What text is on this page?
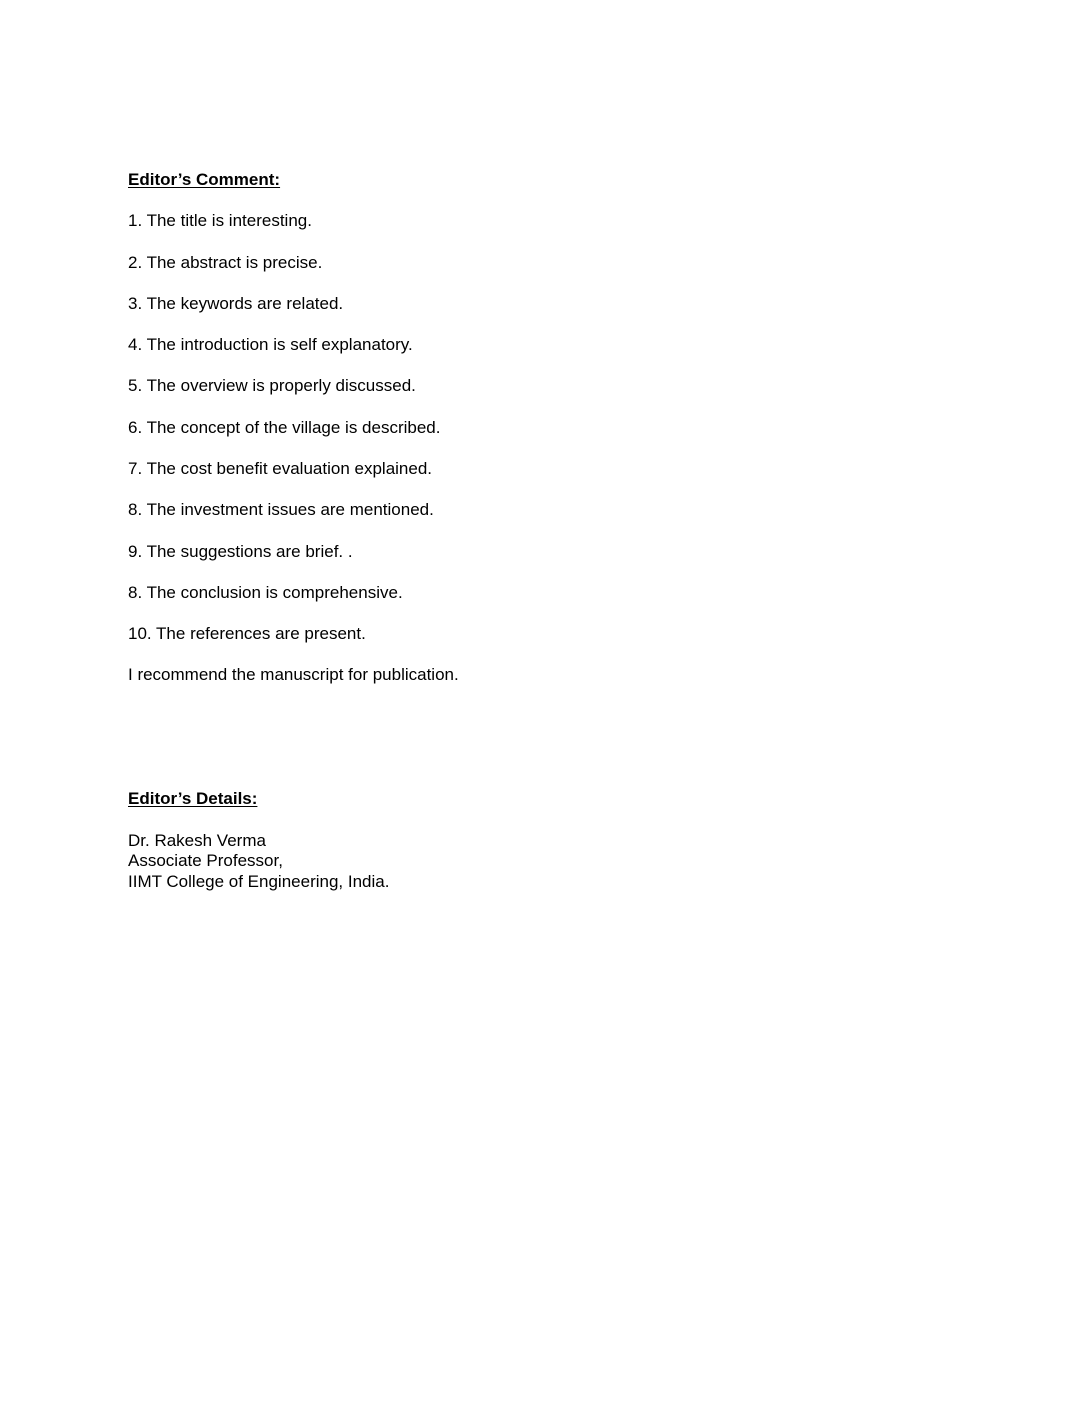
Editor’s Comment:
1. The title is interesting.
2. The abstract is precise.
3. The keywords are related.
4. The introduction is self explanatory.
5. The overview is properly discussed.
6. The concept of the village is described.
7. The cost benefit evaluation explained.
8. The investment issues are mentioned.
9. The suggestions are brief. .
8. The conclusion is comprehensive.
10. The references are present.
I recommend the manuscript for publication.
Editor’s Details:
Dr. Rakesh Verma
Associate Professor,
IIMT College of Engineering, India.
